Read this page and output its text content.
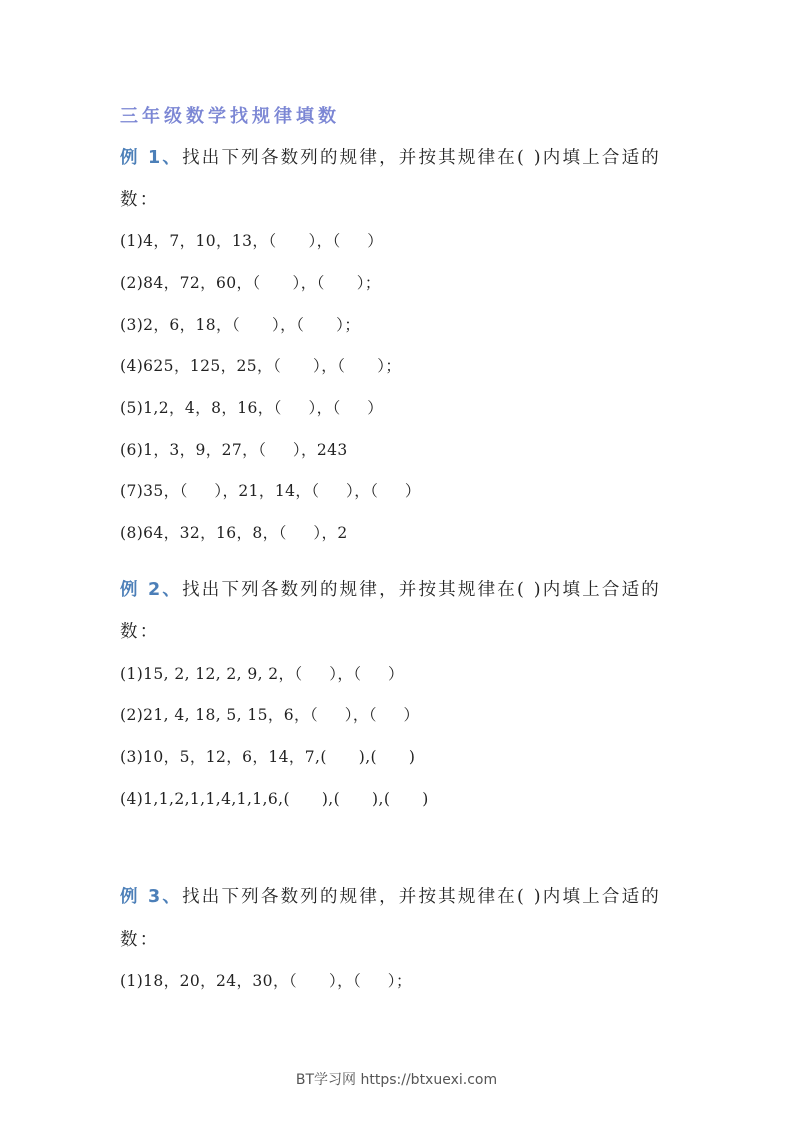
三年级数学找规律填数
例 1、找出下列各数列的规律，并按其规律在( )内填上合适的
数：
(1)4，7，10，13，（      ），（     ）
(2)84，72，60，（      ），（      ）；
(3)2，6，18，（      ），（      ）；
(4)625，125，25，（      ），（      ）；
(5)1,2，4，8，16，（     ），（     ）
(6)1，3，9，27，（     ），243
(7)35，（     ），21，14，（     ），（     ）
(8)64，32，16，8，（     ），2
例 2、找出下列各数列的规律，并按其规律在( )内填上合适的
数：
(1)15, 2, 12, 2, 9, 2，（     ），（     ）
(2)21, 4, 18, 5, 15，6，（     ），（     ）
(3)10，5，12，6，14，7,(      ),(      )
(4)1,1,2,1,1,4,1,1,6,(      ),(      ),(      )
例 3、找出下列各数列的规律，并按其规律在( )内填上合适的
数：
(1)18，20，24，30，（      ），（     ）；
BT学习网 https://btxuexi.com
